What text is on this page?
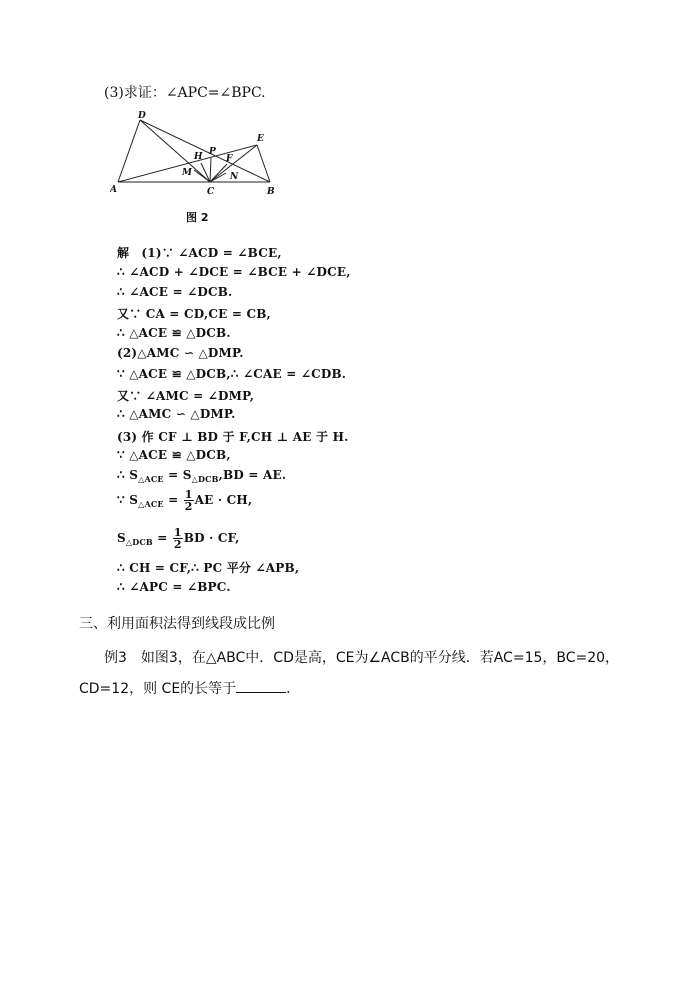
(3)求证：∠APC=∠BPC.
D
E
A	B
C
P
H	F
M	N
图 2
解　(1)∵ ∠ACD = ∠BCE,
∴ ∠ACD + ∠DCE = ∠BCE + ∠DCE,
∴ ∠ACE = ∠DCB.
又∵ CA = CD,CE = CB,
∴ △ACE ≌ △DCB.
(2)△AMC ∽ △DMP.
∵ △ACE ≌ △DCB,∴ ∠CAE = ∠CDB.
又∵ ∠AMC = ∠DMP,
∴ △AMC ∽ △DMP.
(3) 作 CF ⊥ BD 于 F,CH ⊥ AE 于 H.
∵ △ACE ≌ △DCB,
∴ $S_{\triangle ACE} = S_{\triangle DCB},BD$ = AE.
∵ $S_{\triangle ACE} = \frac{1}{2}$ AE · CH,
$S_{\triangle DCB} = \frac{1}{2}$ BD · CF,
∴ CH = CF,∴ PC 平分 ∠APB,
∴ ∠APC = ∠BPC.
三、利用面积法得到线段成比例
例3　如图3，在△ABC中．CD是高，CE为∠ACB的平分线．若AC=15，BC=20，
CD=12，则 CE的长等于	．
